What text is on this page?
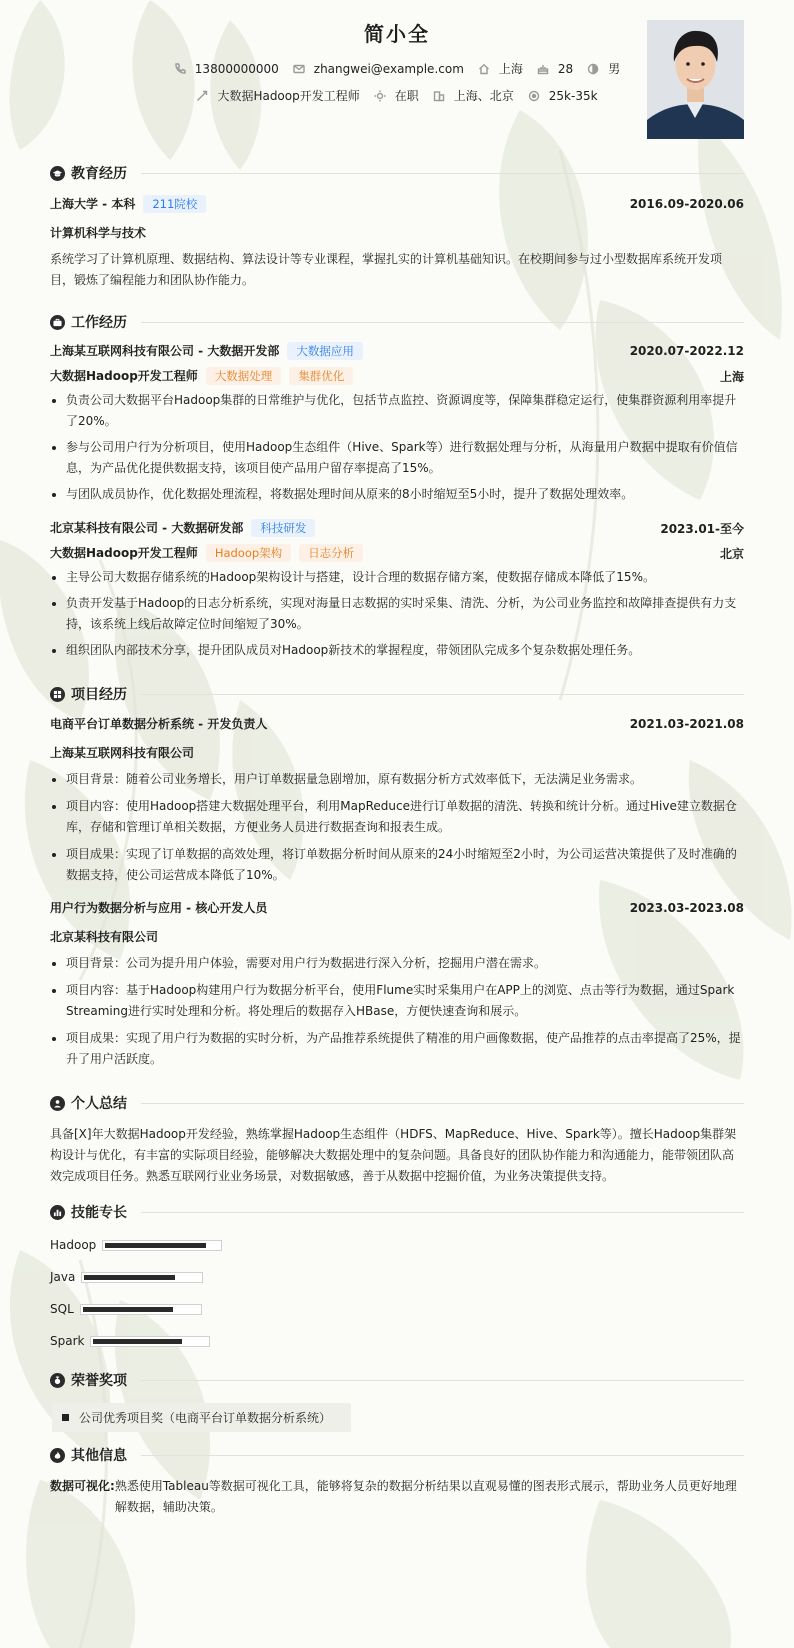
简小全
13800000000	zhangwei@example.com	上海	28	男
大数据Hadoop开发工程师	在职	上海、北京	25k-35k
教育经历
上海大学 - 本科 211院校	2016.09-2020.06
计算机科学与技术
系统学习了计算机原理、数据结构、算法设计等专业课程，掌握扎实的计算机基础知识。在校期间参与过小型数据库系统开发项目，锻炼了编程能力和团队协作能力。
工作经历
上海某互联网科技有限公司 - 大数据开发部 大数据应用	2020.07-2022.12
大数据Hadoop开发工程师 大数据处理 集群优化	上海
负责公司大数据平台Hadoop集群的日常维护与优化，包括节点监控、资源调度等，保障集群稳定运行，使集群资源利用率提升了20%。
参与公司用户行为分析项目，使用Hadoop生态组件（Hive、Spark等）进行数据处理与分析，从海量用户数据中提取有价值信息，为产品优化提供数据支持，该项目使产品用户留存率提高了15%。
与团队成员协作，优化数据处理流程，将数据处理时间从原来的8小时缩短至5小时，提升了数据处理效率。
北京某科技有限公司 - 大数据研发部 科技研发	2023.01-至今
大数据Hadoop开发工程师 Hadoop架构 日志分析	北京
主导公司大数据存储系统的Hadoop架构设计与搭建，设计合理的数据存储方案，使数据存储成本降低了15%。
负责开发基于Hadoop的日志分析系统，实现对海量日志数据的实时采集、清洗、分析，为公司业务监控和故障排查提供有力支持，该系统上线后故障定位时间缩短了30%。
组织团队内部技术分享，提升团队成员对Hadoop新技术的掌握程度，带领团队完成多个复杂数据处理任务。
项目经历
电商平台订单数据分析系统 - 开发负责人	2021.03-2021.08
上海某互联网科技有限公司
项目背景：随着公司业务增长，用户订单数据量急剧增加，原有数据分析方式效率低下，无法满足业务需求。
项目内容：使用Hadoop搭建大数据处理平台，利用MapReduce进行订单数据的清洗、转换和统计分析。通过Hive建立数据仓库，存储和管理订单相关数据，方便业务人员进行数据查询和报表生成。
项目成果：实现了订单数据的高效处理，将订单数据分析时间从原来的24小时缩短至2小时，为公司运营决策提供了及时准确的数据支持，使公司运营成本降低了10%。
用户行为数据分析与应用 - 核心开发人员	2023.03-2023.08
北京某科技有限公司
项目背景：公司为提升用户体验，需要对用户行为数据进行深入分析，挖掘用户潜在需求。
项目内容：基于Hadoop构建用户行为数据分析平台，使用Flume实时采集用户在APP上的浏览、点击等行为数据，通过Spark Streaming进行实时处理和分析。将处理后的数据存入HBase，方便快速查询和展示。
项目成果：实现了用户行为数据的实时分析，为产品推荐系统提供了精准的用户画像数据，使产品推荐的点击率提高了25%，提升了用户活跃度。
个人总结
具备[X]年大数据Hadoop开发经验，熟练掌握Hadoop生态组件（HDFS、MapReduce、Hive、Spark等）。擅长Hadoop集群架构设计与优化，有丰富的实际项目经验，能够解决大数据处理中的复杂问题。具备良好的团队协作能力和沟通能力，能带领团队高效完成项目任务。熟悉互联网行业业务场景，对数据敏感，善于从数据中挖掘价值，为业务决策提供支持。
技能专长
Hadoop
Java
SQL
Spark
荣誉奖项
公司优秀项目奖（电商平台订单数据分析系统）
其他信息
数据可视化: 熟悉使用Tableau等数据可视化工具，能够将复杂的数据分析结果以直观易懂的图表形式展示，帮助业务人员更好地理解数据，辅助决策。
